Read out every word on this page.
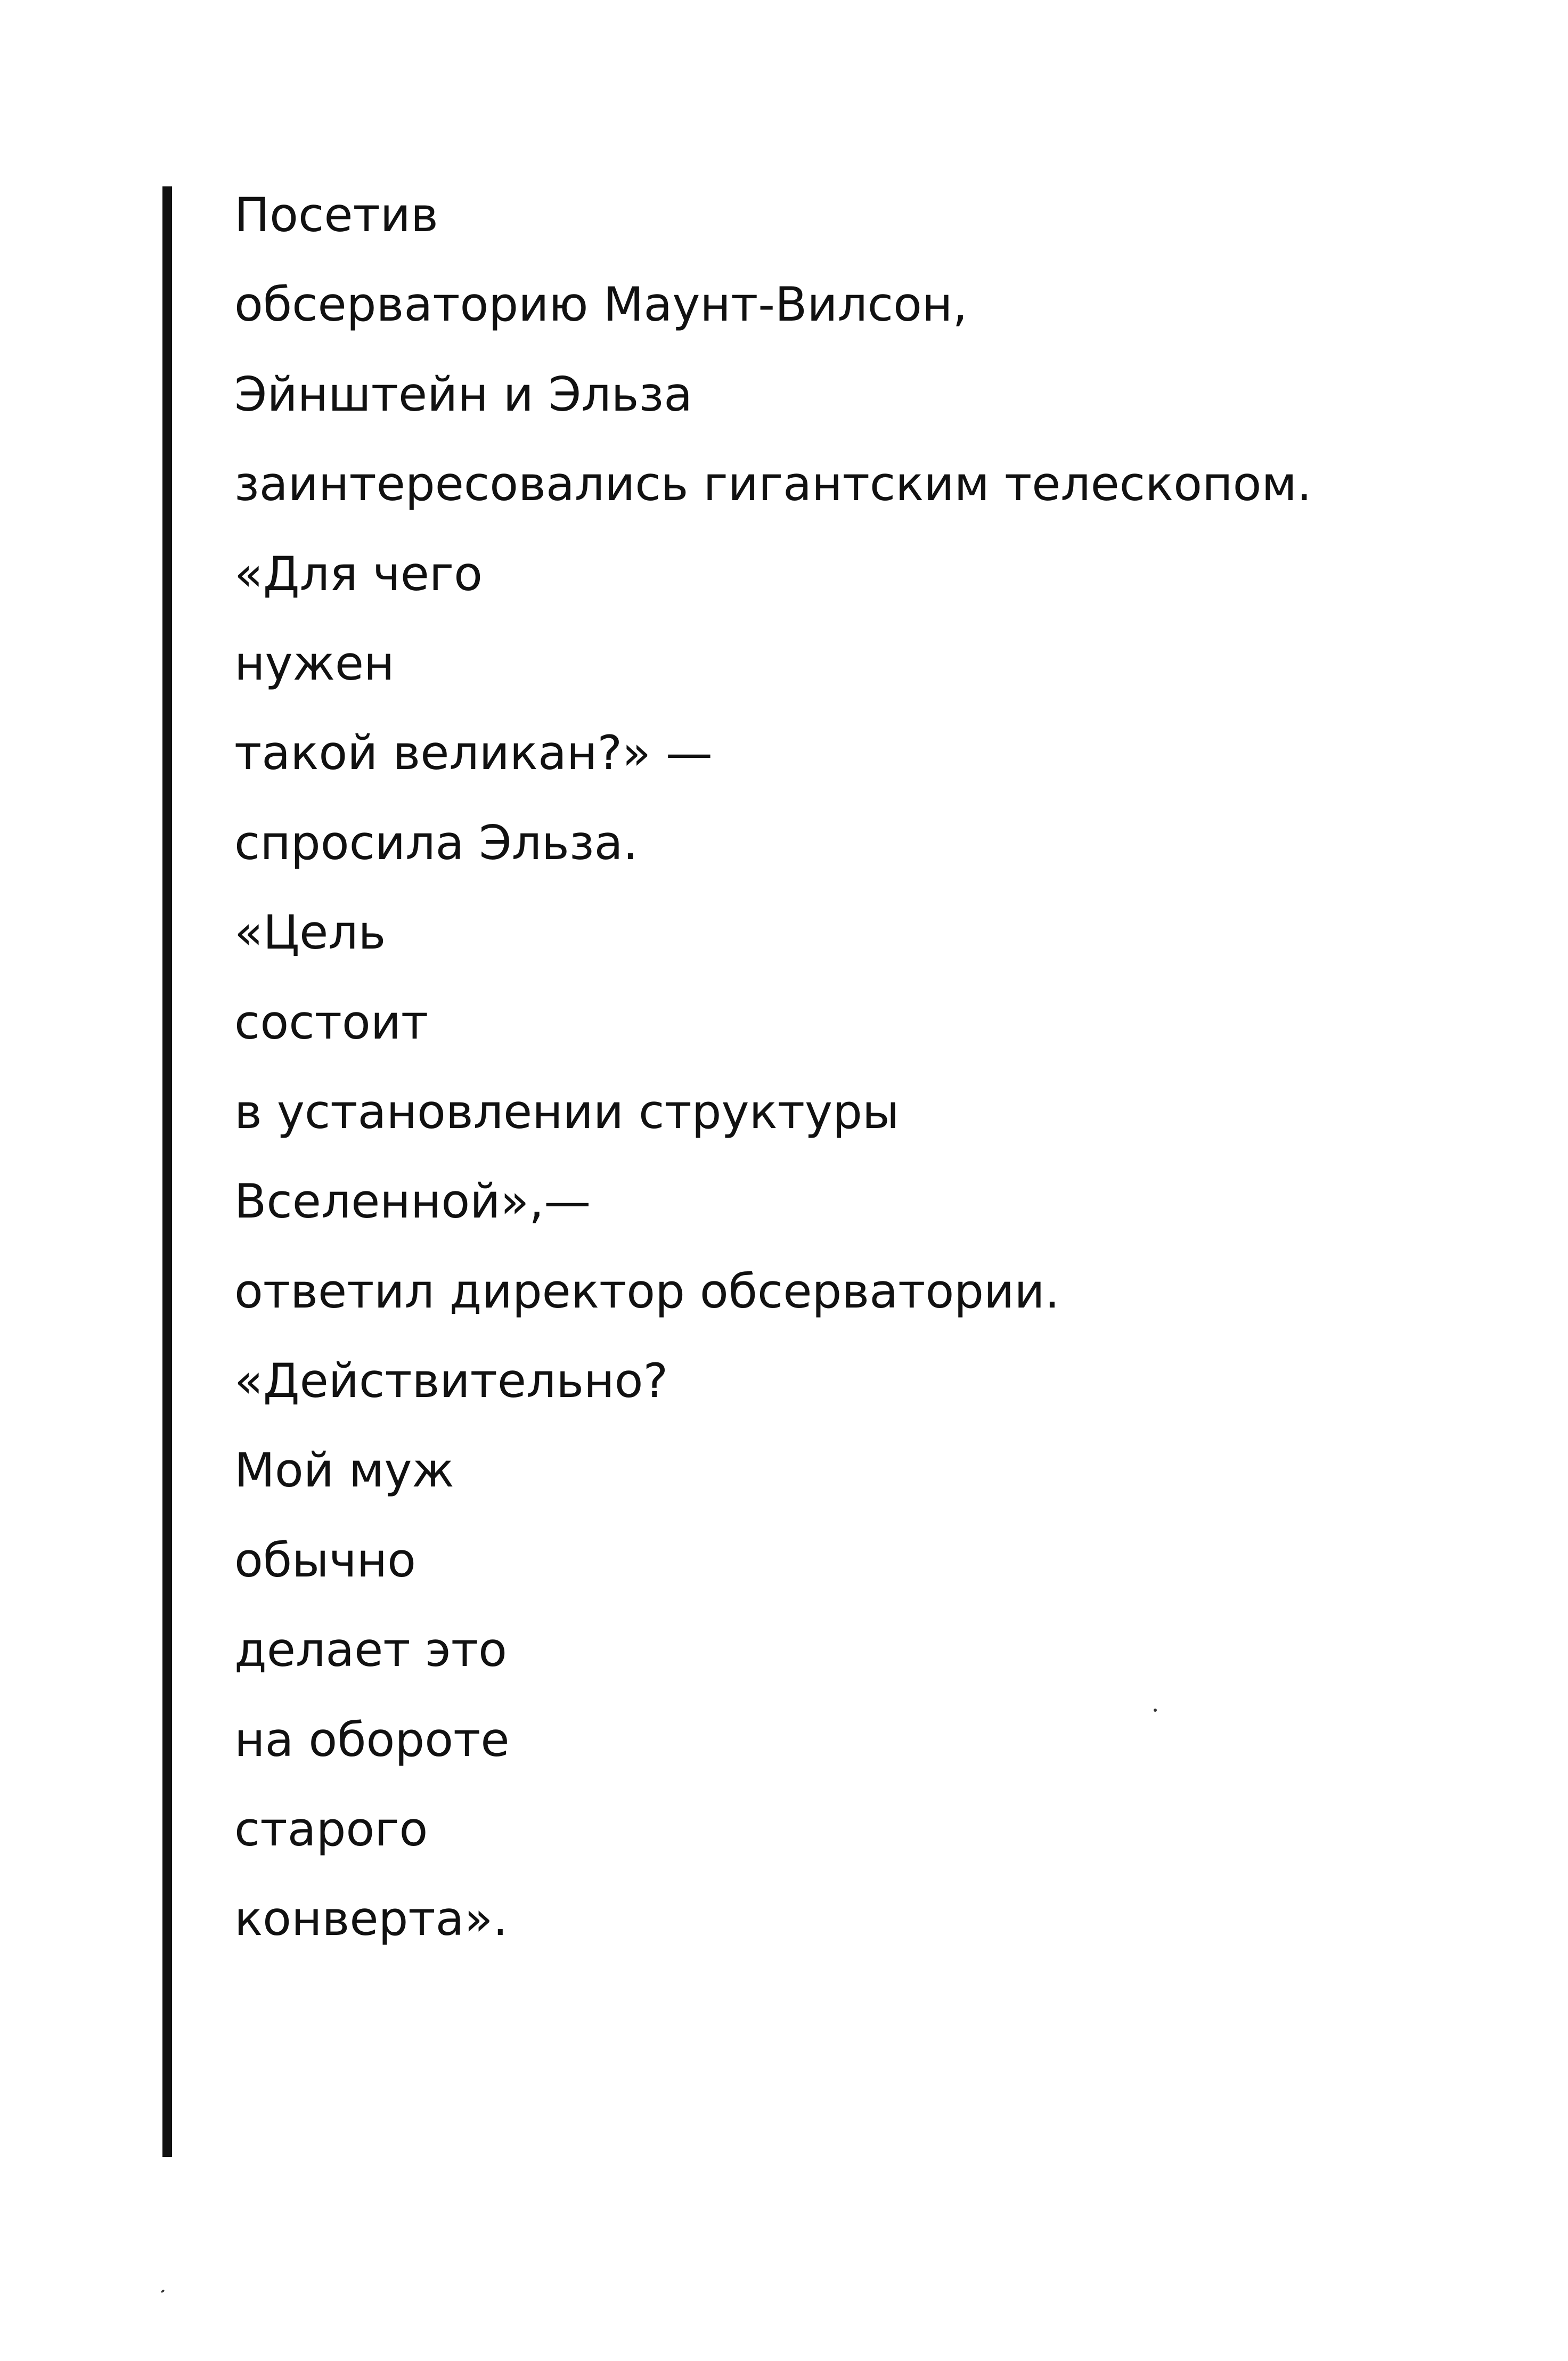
Посетив
обсерваторию Маунт-Вилсон,
Эйнштейн и Эльза
заинтересовались гигантским телескопом.
«Для чего
нужен
такой великан?» —
спросила Эльза.
«Цель
состоит
в установлении структуры
Вселенной»,—
ответил директор обсерватории.
«Действительно?
Мой муж
обычно
делает это
на обороте
старого
конверта».
